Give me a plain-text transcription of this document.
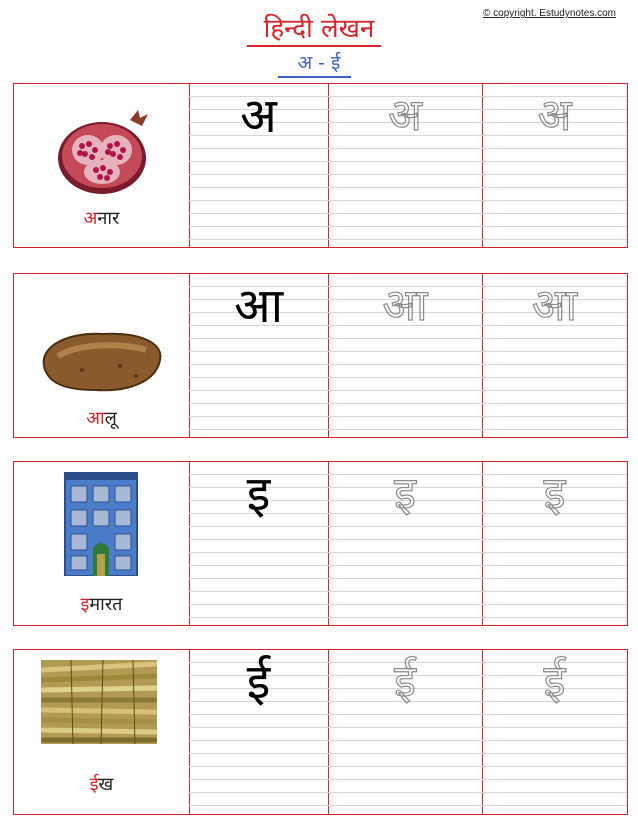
हिन्दी लेखन
अ - ई
© copyright. Estudynotes.com
अनार
अ	अ	अ
आलू
आ	आ	आ
इमारत
इ	इ	इ
ईख
ई	ई	ई
